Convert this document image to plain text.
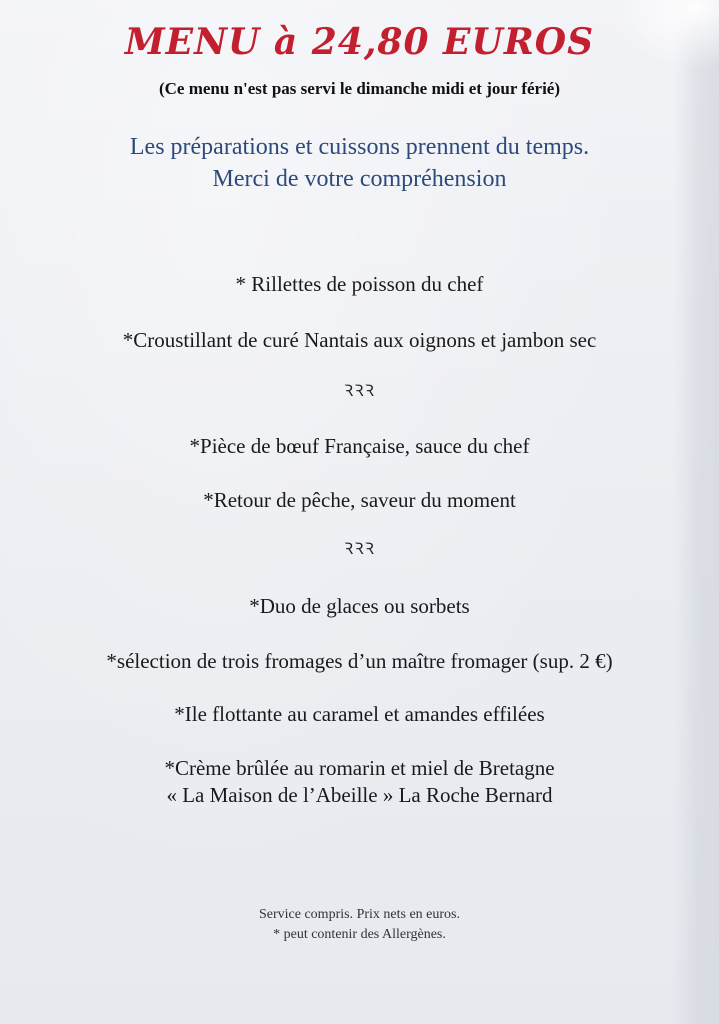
MENU à 24,80 EUROS
(Ce menu n'est pas servi le dimanche midi et jour férié)
Les préparations et cuissons prennent du temps.
Merci de votre compréhension
* Rillettes de poisson du chef
*Croustillant de curé Nantais aux oignons et jambon sec
ꝚꝚꝚ
*Pièce de bœuf Française, sauce du chef
*Retour de pêche, saveur du moment
ꝚꝚꝚ
*Duo de glaces ou sorbets
*sélection de trois fromages d’un maître fromager (sup. 2 €)
*Ile flottante au caramel et amandes effilées
*Crème brûlée au romarin et miel de Bretagne
« La Maison de l’Abeille » La Roche Bernard
Service compris. Prix nets en euros.
* peut contenir des Allergènes.
